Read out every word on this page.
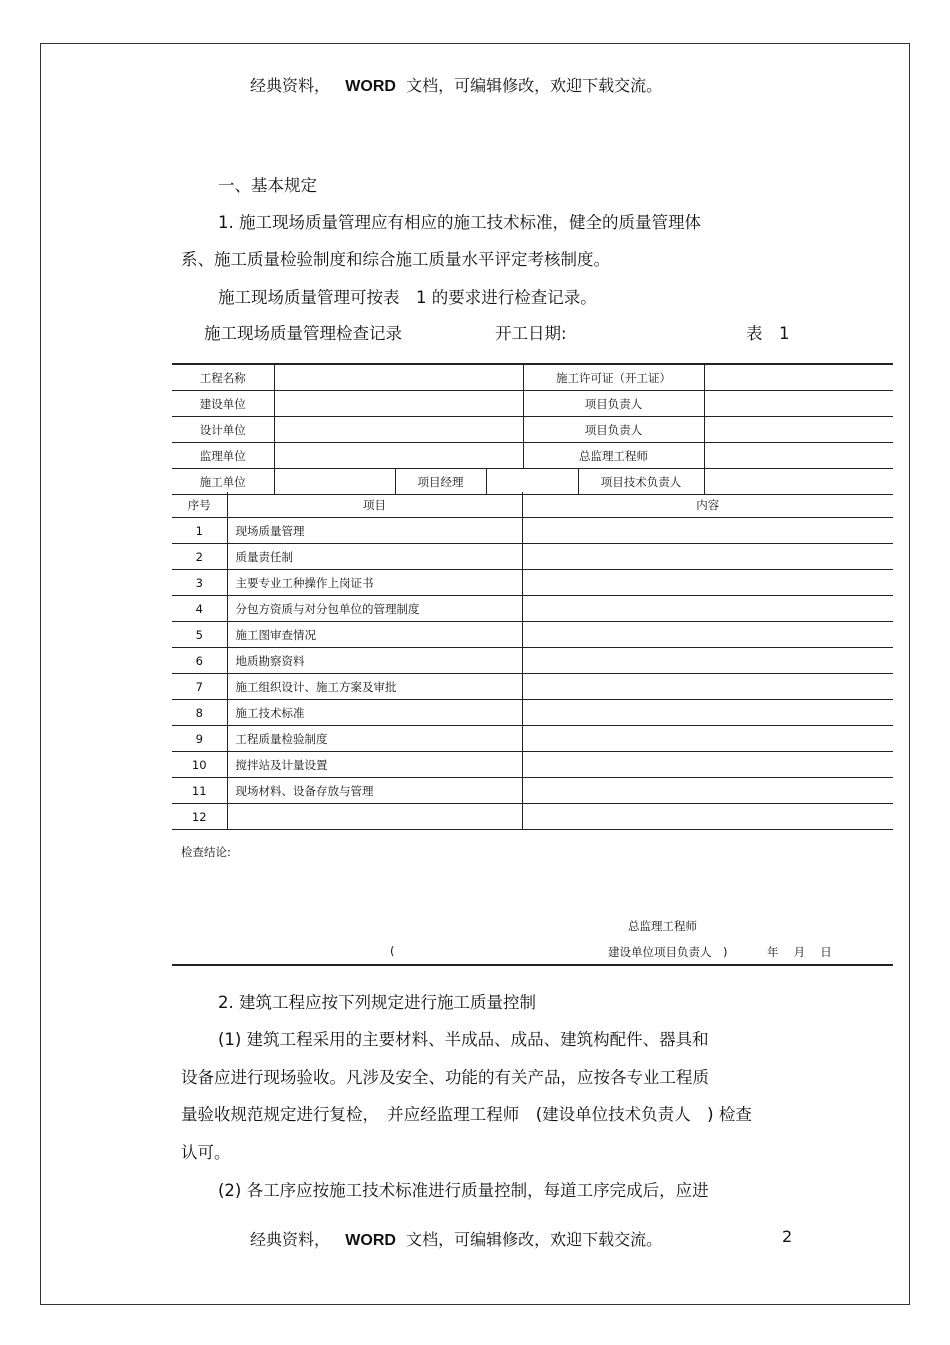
经典资料， WORD 文档，可编辑修改，欢迎下载交流。
一、基本规定
1. 施工现场质量管理应有相应的施工技术标准，健全的质量管理体
系、施工质量检验制度和综合施工质量水平评定考核制度。
施工现场质量管理可按表　1 的要求进行检查记录。
施工现场质量管理检查记录	开工日期:	表　1
工程名称				施工许可证（开工证）		
建设单位				项目负责人		
设计单位				项目负责人		
监理单位				总监理工程师		
施工单位		项目经理			项目技术负责人	
序号	项目	内容
1	现场质量管理	
2	质量责任制	
3	主要专业工种操作上岗证书	
4	分包方资质与对分包单位的管理制度	
5	施工图审查情况	
6	地质勘察资料	
7	施工组织设计、施工方案及审批	
8	施工技术标准	
9	工程质量检验制度	
10	搅拌站及计量设置	
11	现场材料、设备存放与管理	
12		
检查结论:
总监理工程师
(	建设单位项目负责人　)	年　 月　 日
2. 建筑工程应按下列规定进行施工质量控制
(1) 建筑工程采用的主要材料、半成品、成品、建筑构配件、器具和
设备应进行现场验收。凡涉及安全、功能的有关产品，应按各专业工程质
量验收规范规定进行复检，　并应经监理工程师　(建设单位技术负责人　) 检查
认可。
(2) 各工序应按施工技术标准进行质量控制，每道工序完成后，应进
经典资料， WORD 文档，可编辑修改，欢迎下载交流。	2
